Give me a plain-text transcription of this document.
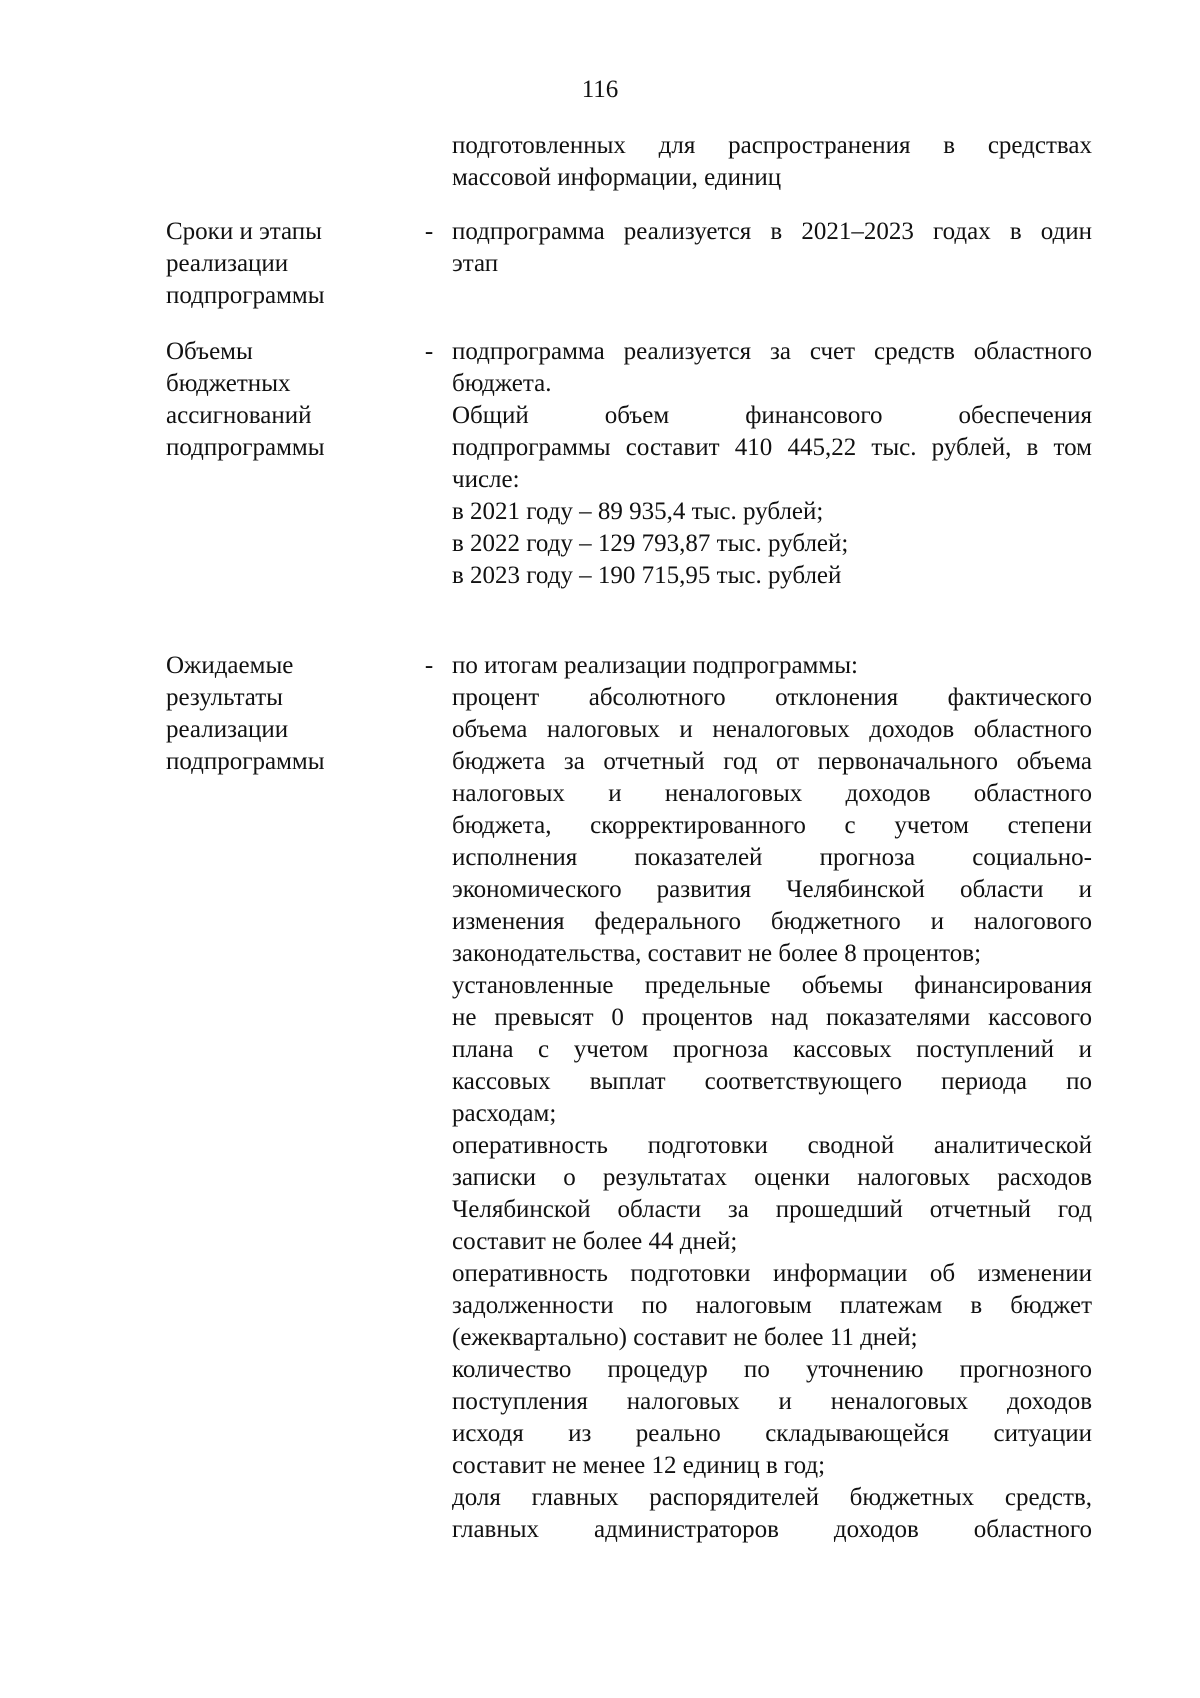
116
подготовленных для распространения в средствах
массовой информации, единиц
Сроки и этапы
реализации
подпрограммы
- подпрограмма реализуется в 2021–2023 годах в один
этап
Объемы
бюджетных
ассигнований
подпрограммы
- подпрограмма реализуется за счет средств областного
бюджета.
Общий объем финансового обеспечения
подпрограммы составит 410 445,22 тыс. рублей, в том
числе:
в 2021 году – 89 935,4 тыс. рублей;
в 2022 году – 129 793,87 тыс. рублей;
в 2023 году – 190 715,95 тыс. рублей
Ожидаемые
результаты
реализации
подпрограммы
- по итогам реализации подпрограммы:
процент абсолютного отклонения фактического
объема налоговых и неналоговых доходов областного
бюджета за отчетный год от первоначального объема
налоговых и неналоговых доходов областного
бюджета, скорректированного с учетом степени
исполнения показателей прогноза социально-
экономического развития Челябинской области и
изменения федерального бюджетного и налогового
законодательства, составит не более 8 процентов;
установленные предельные объемы финансирования
не превысят 0 процентов над показателями кассового
плана с учетом прогноза кассовых поступлений и
кассовых выплат соответствующего периода по
расходам;
оперативность подготовки сводной аналитической
записки о результатах оценки налоговых расходов
Челябинской области за прошедший отчетный год
составит не более 44 дней;
оперативность подготовки информации об изменении
задолженности по налоговым платежам в бюджет
(ежеквартально) составит не более 11 дней;
количество процедур по уточнению прогнозного
поступления налоговых и неналоговых доходов
исходя из реально складывающейся ситуации
составит не менее 12 единиц в год;
доля главных распорядителей бюджетных средств,
главных администраторов доходов областного
